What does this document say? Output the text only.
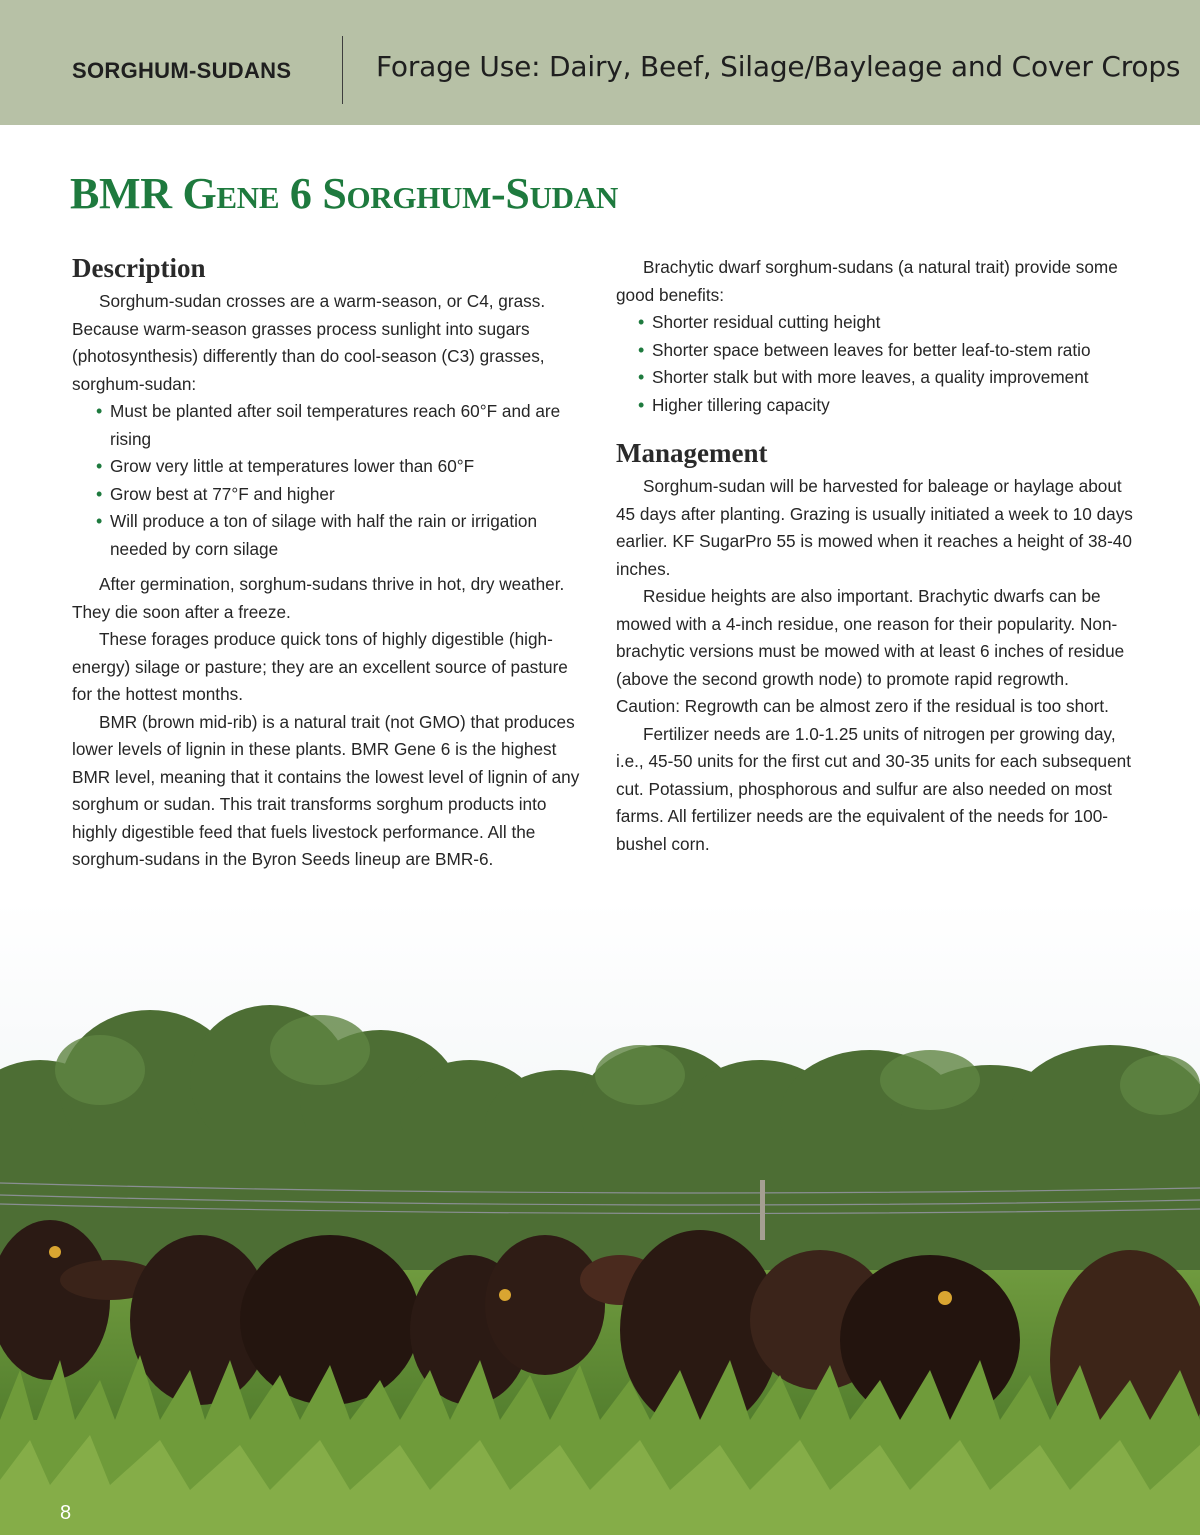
SORGHUM-SUDANS	Forage Use: Dairy, Beef, Silage/Bayleage and Cover Crops
BMR Gene 6 Sorghum-Sudan
Description

Sorghum-sudan crosses are a warm-season, or C4, grass. Because warm-season grasses process sunlight into sugars (photosynthesis) differently than do cool-season (C3) grasses, sorghum-sudan:

• Must be planted after soil temperatures reach 60°F and are rising
• Grow very little at temperatures lower than 60°F
• Grow best at 77°F and higher
• Will produce a ton of silage with half the rain or irrigation needed by corn silage

After germination, sorghum-sudans thrive in hot, dry weather. They die soon after a freeze.

These forages produce quick tons of highly digestible (high-energy) silage or pasture; they are an excellent source of pasture for the hottest months.

BMR (brown mid-rib) is a natural trait (not GMO) that produces lower levels of lignin in these plants. BMR Gene 6 is the highest BMR level, meaning that it contains the lowest level of lignin of any sorghum or sudan. This trait transforms sorghum products into highly digestible feed that fuels livestock performance. All the sorghum-sudans in the Byron Seeds lineup are BMR-6.

Brachytic dwarf sorghum-sudans (a natural trait) provide some good benefits:

• Shorter residual cutting height
• Shorter space between leaves for better leaf-to-stem ratio
• Shorter stalk but with more leaves, a quality improvement
• Higher tillering capacity
Management

Sorghum-sudan will be harvested for baleage or haylage about 45 days after planting. Grazing is usually initiated a week to 10 days earlier. KF SugarPro 55 is mowed when it reaches a height of 38-40 inches.

Residue heights are also important. Brachytic dwarfs can be mowed with a 4-inch residue, one reason for their popularity. Non-brachytic versions must be mowed with at least 6 inches of residue (above the second growth node) to promote rapid regrowth. Caution: Regrowth can be almost zero if the residual is too short.

Fertilizer needs are 1.0-1.25 units of nitrogen per growing day, i.e., 45-50 units for the first cut and 30-35 units for each subsequent cut. Potassium, phosphorous and sulfur are also needed on most farms. All fertilizer needs are the equivalent of the needs for 100-bushel corn.

8
